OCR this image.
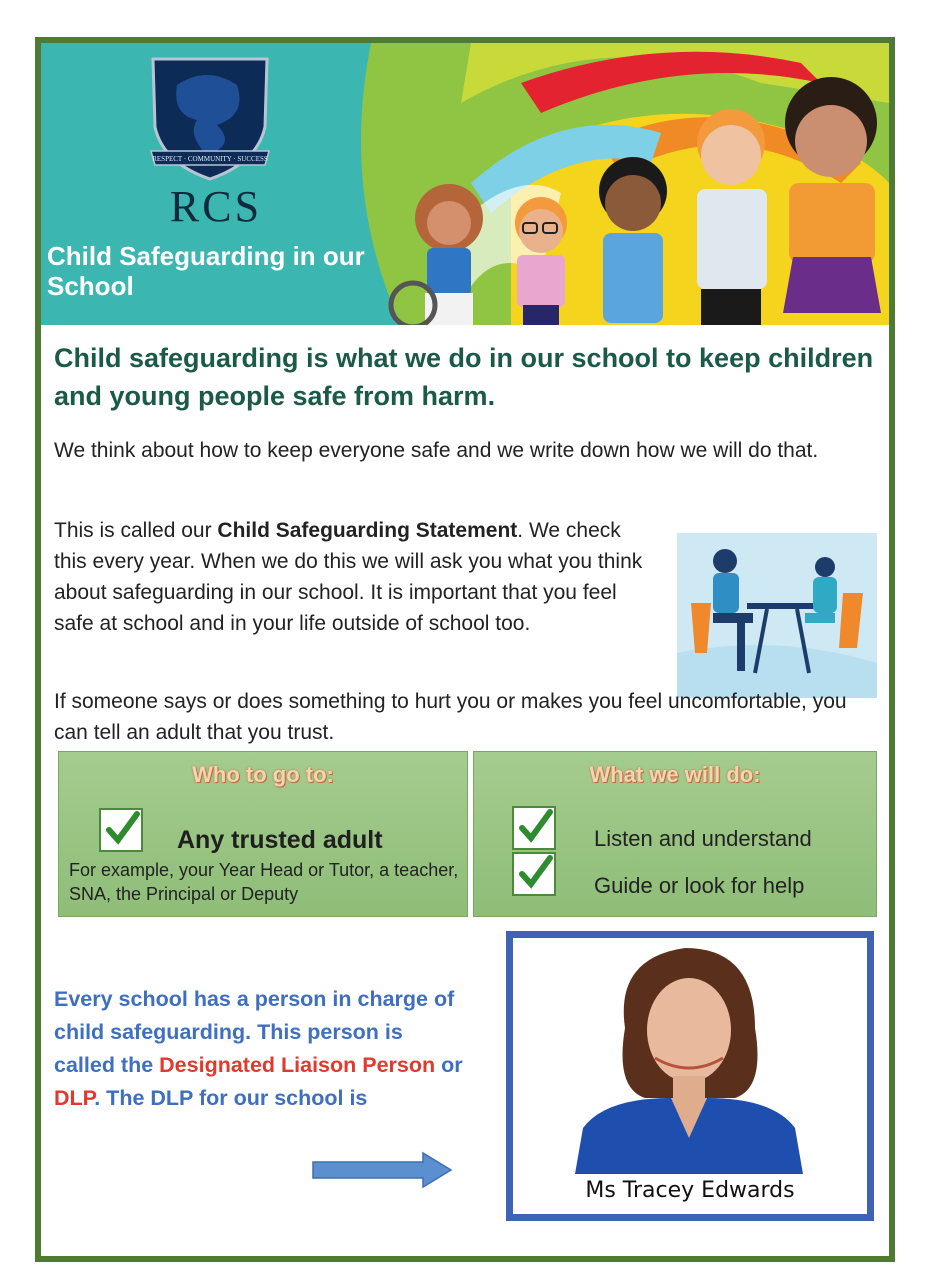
RESPECT · COMMUNITY · SUCCESS
RCS
Child Safeguarding in our School
Child safeguarding is what we do in our school to keep children and young people safe from harm.
We think about how to keep everyone safe and we write down how we will do that.
This is called our Child Safeguarding Statement. We check this every year. When we do this we will ask you what you think about safeguarding in our school. It is important that you feel safe at school and in your life outside of school too.
If someone says or does something to hurt you or makes you feel uncomfortable, you can tell an adult that you trust.
Who to go to:
Any trusted adult
For example, your Year Head or Tutor, a teacher, SNA, the Principal or Deputy
What we will do:
Listen and understand
Guide or look for help
Every school has a person in charge of child safeguarding. This person is called the Designated Liaison Person or DLP. The DLP for our school is
Ms Tracey Edwards
